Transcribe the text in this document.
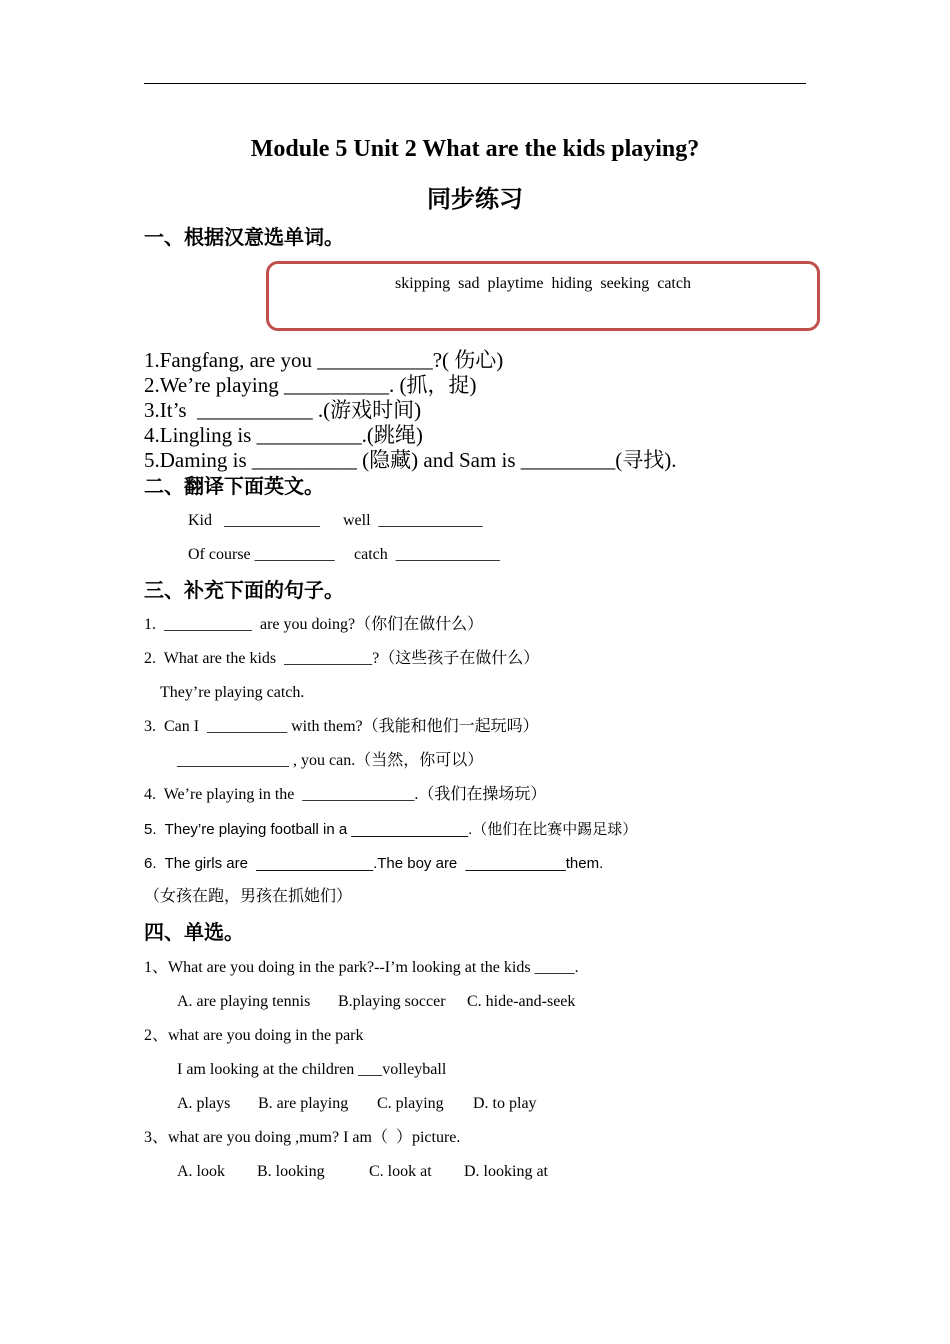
Module 5 Unit 2 What are the kids playing?
同步练习
一、根据汉意选单词。
skipping  sad  playtime  hiding  seeking  catch
1.Fangfang, are you ___________?( 伤心)
2.We’re playing __________. (抓，捉)
3.It’s  ___________ .(游戏时间)
4.Lingling is __________.(跳绳)
5.Daming is __________ (隐藏) and Sam is _________(寻找).
二、翻译下面英文。
Kid   ____________ well  _____________
Of course __________ catch  _____________
三、补充下面的句子。
1.  ___________  are you doing?（你们在做什么）
2.  What are the kids  ___________?（这些孩子在做什么）
They’re playing catch.
3.  Can I  __________ with them?（我能和他们一起玩吗）
______________ , you can.（当然，你可以）
4.  We’re playing in the  ______________.（我们在操场玩）
5.  They’re playing football in a ______________.（他们在比赛中踢足球）
6.  The girls are  ______________.The boy are  ____________them.
（女孩在跑，男孩在抓她们）
四、单选。
1、What are you doing in the park?--I’m looking at the kids _____.
A. are playing tennis B.playing soccer C. hide-and-seek
2、what are you doing in the park
I am looking at the children ___volleyball
A. plays B. are playing C. playing D. to play
3、what are you doing ,mum? I am（  ）picture.
A. look B. looking	C. look at D. looking at
